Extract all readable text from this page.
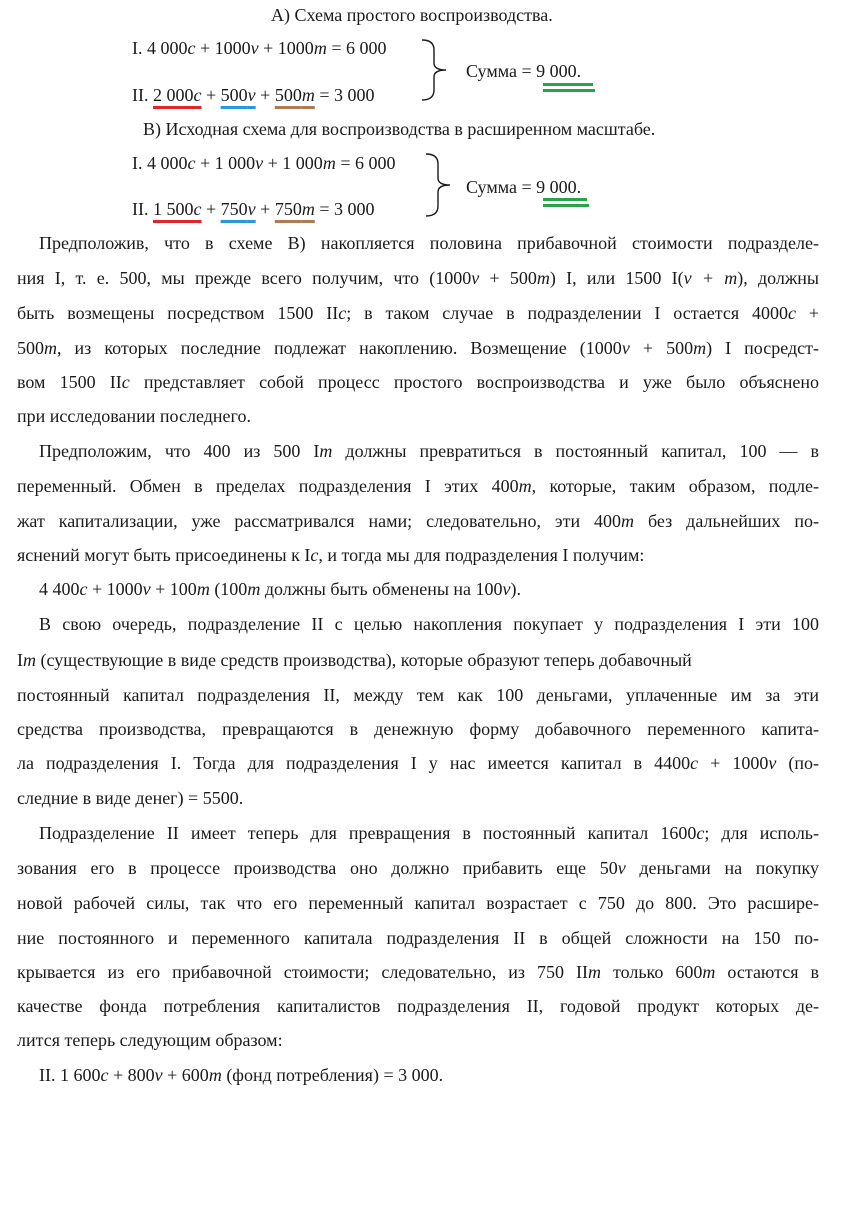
А) Схема простого воспроизводства.
I. 4 000c + 1000v + 1000m = 6 000
II. 2 000c + 500v + 500m = 3 000
Сумма = 9 000.
В) Исходная схема для воспроизводства в расширенном масштабе.
I. 4 000c + 1 000v + 1 000m = 6 000
II. 1 500c + 750v + 750m = 3 000
Сумма = 9 000.
Предположив, что в схеме В) накопляется половина прибавочной стоимости подразделе-
ния I, т. е. 500, мы прежде всего получим, что (1000v + 500m) I, или 1500 I(v + m), должны
быть возмещены посредством 1500 IIc; в таком случае в подразделении I остается 4000c +
500m, из которых последние подлежат накоплению. Возмещение (1000v + 500m) I посредст-
вом 1500 IIc представляет собой процесс простого воспроизводства и уже было объяснено
при исследовании последнего.
Предположим, что 400 из 500 Im должны превратиться в постоянный капитал, 100 — в
переменный. Обмен в пределах подразделения I этих 400m, которые, таким образом, подле-
жат капитализации, уже рассматривался нами; следовательно, эти 400m без дальнейших по-
яснений могут быть присоединены к Ic, и тогда мы для подразделения I получим:
4 400c + 1000v + 100m (100m должны быть обменены на 100v).
В свою очередь, подразделение II с целью накопления покупает у подразделения I эти 100
Im (существующие в виде средств производства), которые образуют теперь добавочный
постоянный капитал подразделения II, между тем как 100 деньгами, уплаченные им за эти
средства производства, превращаются в денежную форму добавочного переменного капита-
ла подразделения I. Тогда для подразделения I у нас имеется капитал в 4400c + 1000v (по-
следние в виде денег) = 5500.
Подразделение II имеет теперь для превращения в постоянный капитал 1600c; для исполь-
зования его в процессе производства оно должно прибавить еще 50v деньгами на покупку
новой рабочей силы, так что его переменный капитал возрастает с 750 до 800. Это расшире-
ние постоянного и переменного капитала подразделения II в общей сложности на 150 по-
крывается из его прибавочной стоимости; следовательно, из 750 IIm только 600m остаются в
качестве фонда потребления капиталистов подразделения II, годовой продукт которых де-
лится теперь следующим образом:
II. 1 600c + 800v + 600m (фонд потребления) = 3 000.
